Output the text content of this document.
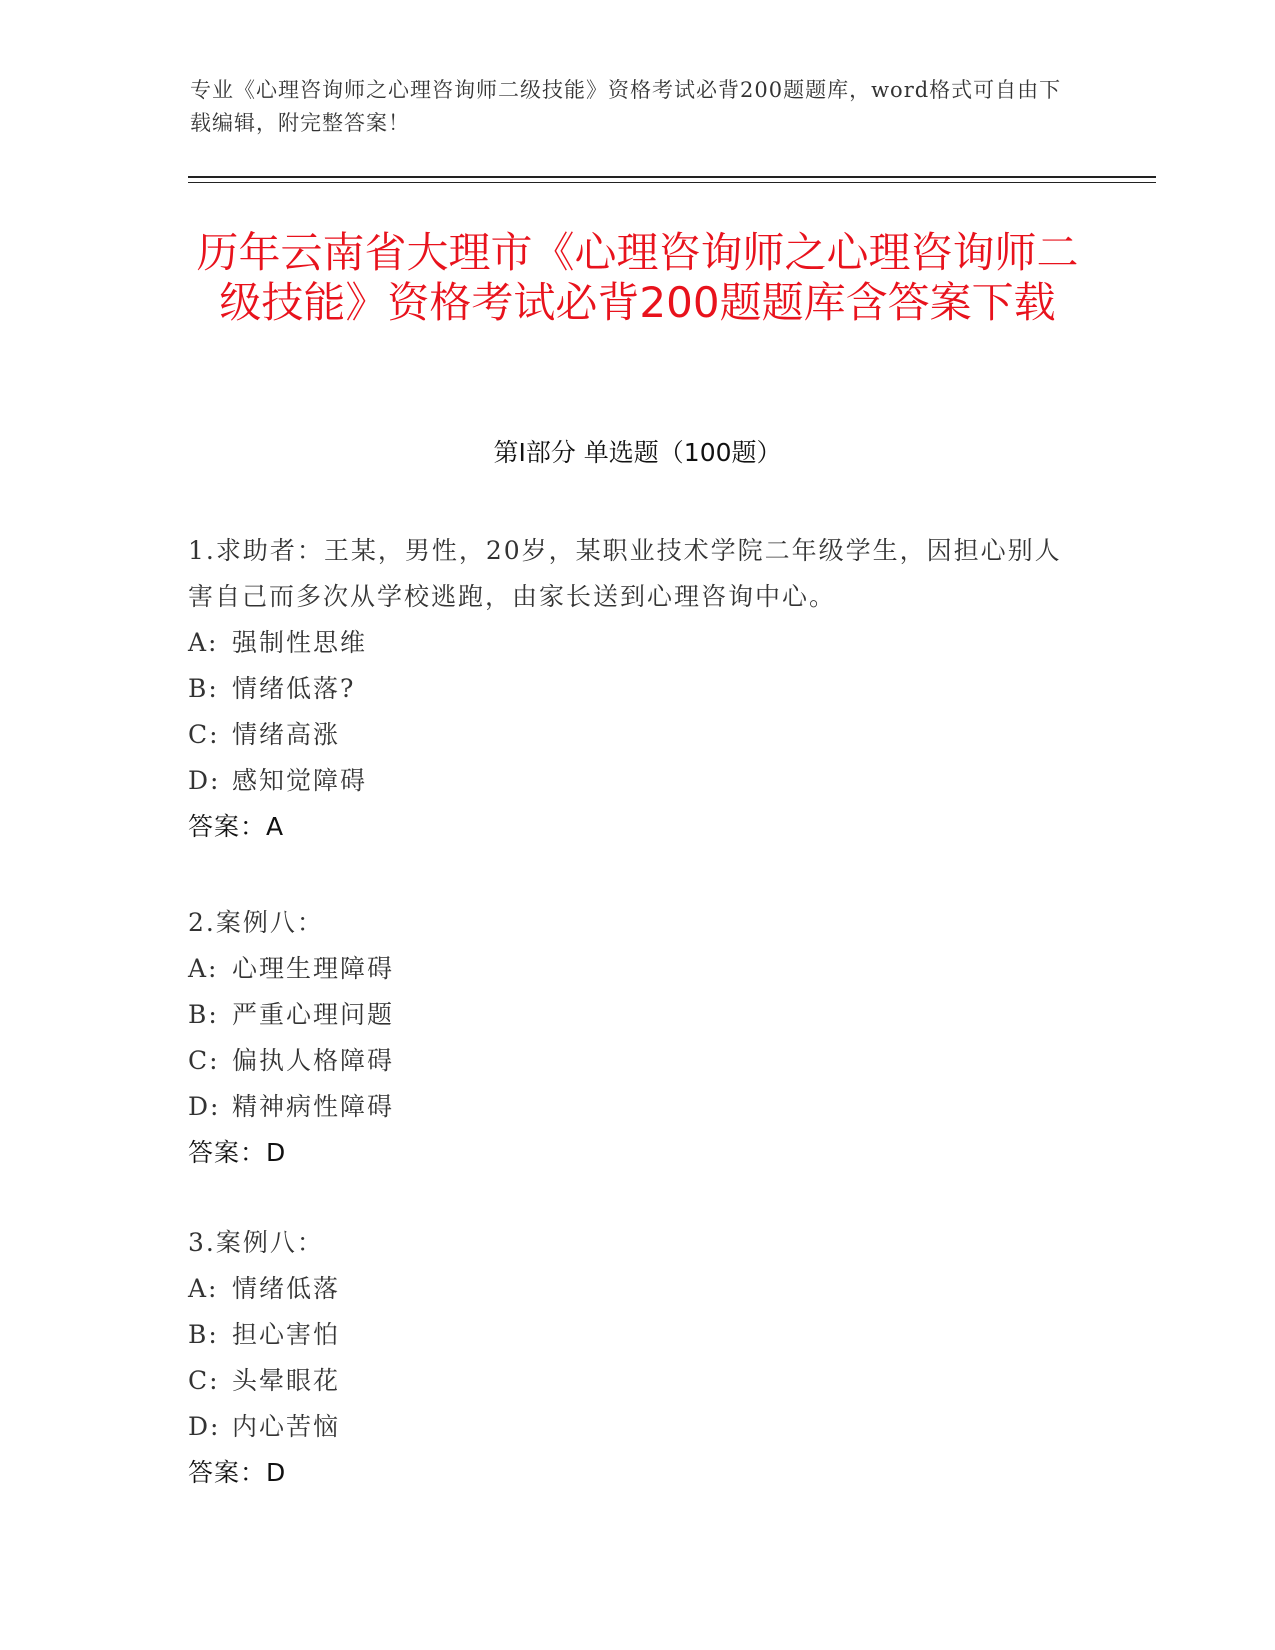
专业《心理咨询师之心理咨询师二级技能》资格考试必背200题题库，word格式可自由下载编辑，附完整答案！
历年云南省大理市《心理咨询师之心理咨询师二级技能》资格考试必背200题题库含答案下载
第Ⅰ部分 单选题（100题）
1.求助者：王某，男性，20岁，某职业技术学院二年级学生，因担心别人害自己而多次从学校逃跑，由家长送到心理咨询中心。
A: 强制性思维
B: 情绪低落?
C: 情绪高涨
D: 感知觉障碍
答案：A
2.案例八：
A: 心理生理障碍
B: 严重心理问题
C: 偏执人格障碍
D: 精神病性障碍
答案：D
3.案例八：
A: 情绪低落
B: 担心害怕
C: 头晕眼花
D: 内心苦恼
答案：D
